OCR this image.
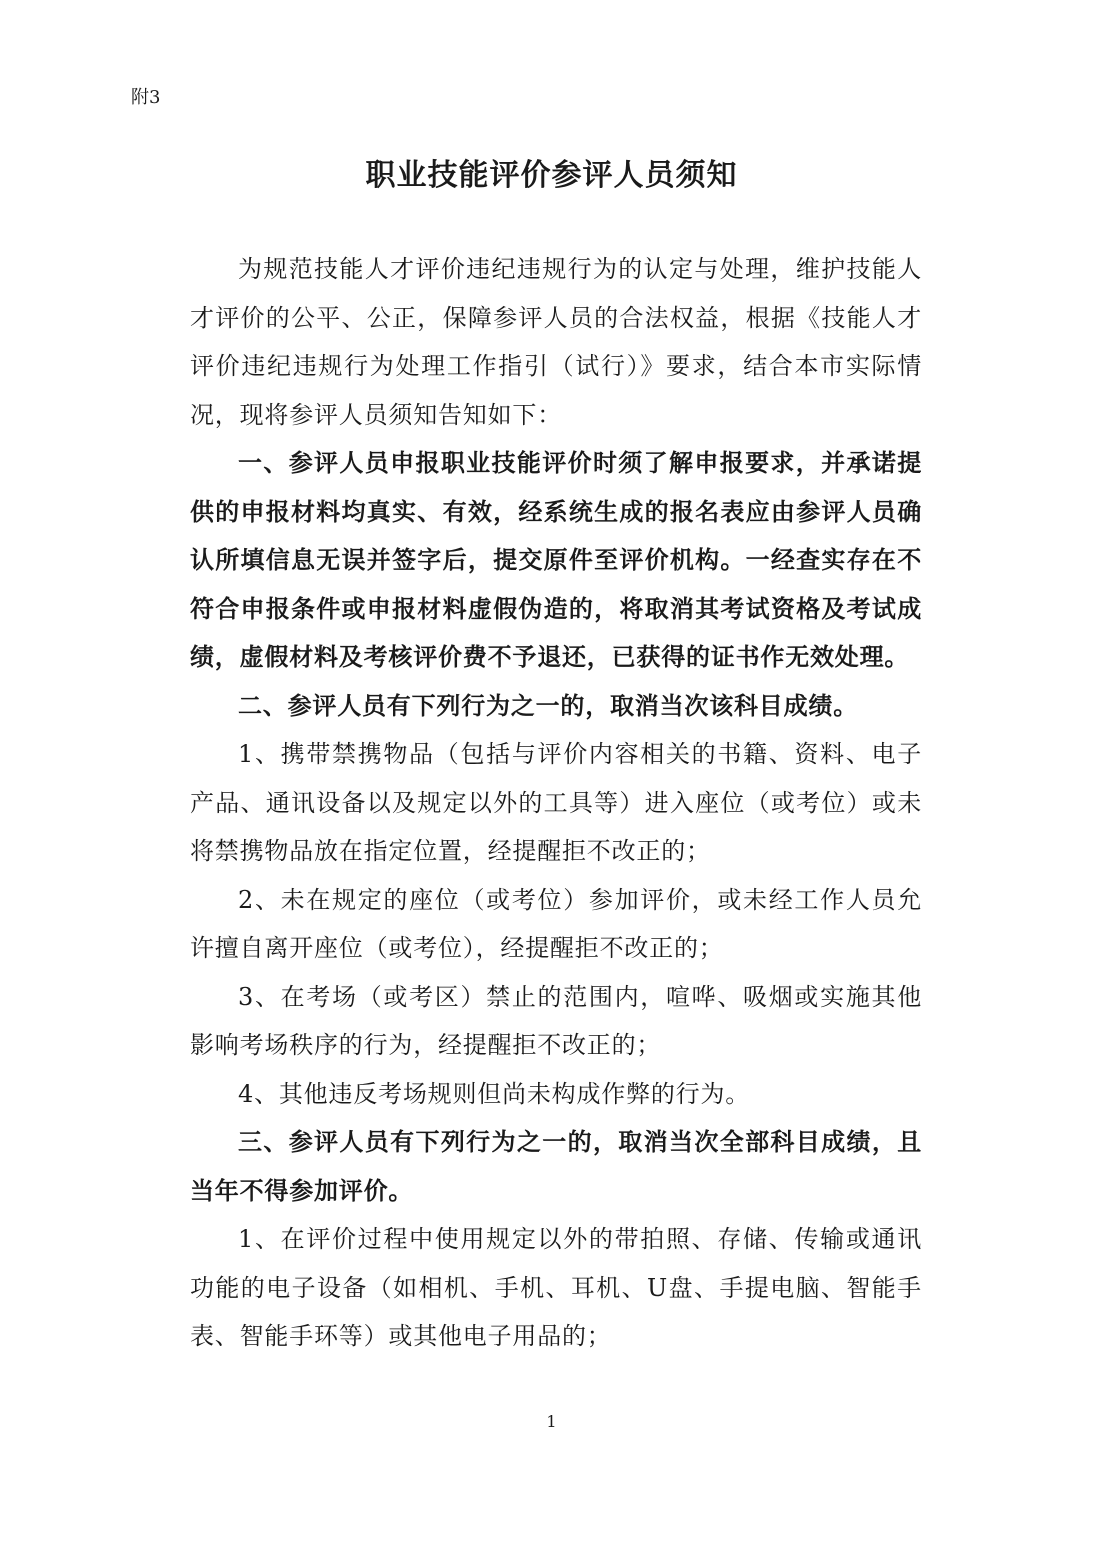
附3
职业技能评价参评人员须知

为规范技能人才评价违纪违规行为的认定与处理，维护技能人才评价的公平、公正，保障参评人员的合法权益，根据《技能人才评价违纪违规行为处理工作指引（试行）》要求，结合本市实际情况，现将参评人员须知告知如下：

一、参评人员申报职业技能评价时须了解申报要求，并承诺提供的申报材料均真实、有效，经系统生成的报名表应由参评人员确认所填信息无误并签字后，提交原件至评价机构。一经查实存在不符合申报条件或申报材料虚假伪造的，将取消其考试资格及考试成绩，虚假材料及考核评价费不予退还，已获得的证书作无效处理。

二、参评人员有下列行为之一的，取消当次该科目成绩。

1、携带禁携物品（包括与评价内容相关的书籍、资料、电子产品、通讯设备以及规定以外的工具等）进入座位（或考位）或未将禁携物品放在指定位置，经提醒拒不改正的；

2、未在规定的座位（或考位）参加评价，或未经工作人员允许擅自离开座位（或考位），经提醒拒不改正的；

3、在考场（或考区）禁止的范围内，喧哗、吸烟或实施其他影响考场秩序的行为，经提醒拒不改正的；

4、其他违反考场规则但尚未构成作弊的行为。

三、参评人员有下列行为之一的，取消当次全部科目成绩，且当年不得参加评价。

1、在评价过程中使用规定以外的带拍照、存储、传输或通讯功能的电子设备（如相机、手机、耳机、U盘、手提电脑、智能手表、智能手环等）或其他电子用品的；

1
